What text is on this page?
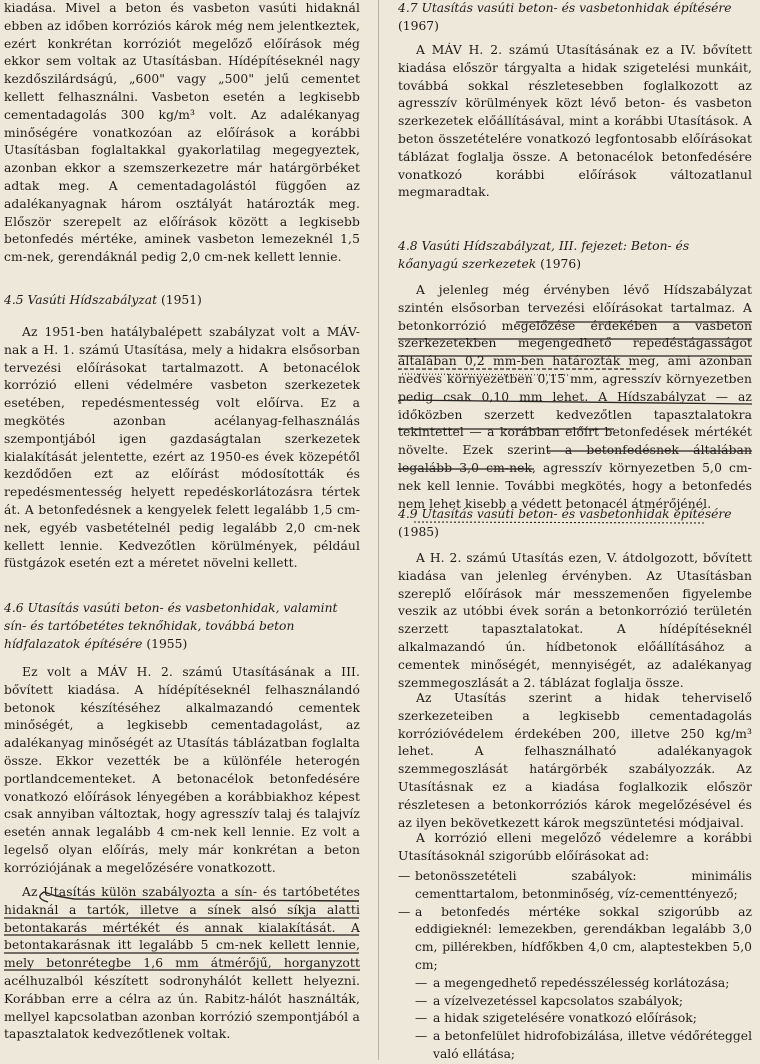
kiadása. Mivel a beton és vasbeton vasúti hidaknál ebben az időben korróziós károk még nem jelentkeztek, ezért konkrétan korróziót megelőző előírások még ekkor sem voltak az Utasításban. Hídépítéseknél nagy kezdőszilárdságú, „600" vagy „500" jelű cementet kellett felhasználni. Vasbeton esetén a legkisebb cementadagolás 300 kg/m³ volt. Az adalékanyag minőségére vonatkozóan az előírások a korábbi Utasításban foglaltakkal gyakorlatilag megegyeztek, azonban ekkor a szemszerkezetre már határgörbéket adtak meg. A cementadagolástól függően az adalékanyagnak három osztályát határozták meg. Először szerepelt az előírások között a legkisebb betonfedés mértéke, aminek vasbeton lemezeknél 1,5 cm-nek, gerendáknál pedig 2,0 cm-nek kellett lennie.

4.5 Vasúti Hídszabályzat (1951)

Az 1951-ben hatálybalépett szabályzat volt a MÁV-nak a H. 1. számú Utasítása, mely a hidakra elsősorban tervezési előírásokat tartalmazott. A betonacélok korrózió elleni védelmére vasbeton szerkezetek esetében, repedésmentesség volt előírva. Ez a megkötés azonban acélanyag-felhasználás szempontjából igen gazdaságtalan szerkezetek kialakítását jelentette, ezért az 1950-es évek közepétől kezdődően ezt az előírást módosították és repedésmentesség helyett repedéskorlátozásra tértek át. A betonfedésnek a kengyelek felett legalább 1,5 cm-nek, egyéb vasbetételnél pedig legalább 2,0 cm-nek kellett lennie. Kedvezőtlen körülmények, például füstgázok esetén ezt a méretet növelni kellett.

4.6 Utasítás vasúti beton- és vasbetonhidak, valamint sín- és tartóbetétes teknőhidak, továbbá beton hídfalazatok építésére (1955)

Ez volt a MÁV H. 2. számú Utasításának a III. bővített kiadása. A hídépítéseknél felhasználandó betonok készítéséhez alkalmazandó cementek minőségét, a legkisebb cementadagolást, az adalékanyag minőségét az Utasítás táblázatban foglalta össze. Ekkor vezették be a különféle heterogén portlandcementeket. A betonacélok betonfedésére vonatkozó előírások lényegében a korábbiakhoz képest csak annyiban változtak, hogy agresszív talaj és talajvíz esetén annak legalább 4 cm-nek kell lennie. Ez volt a legelső olyan előírás, mely már konkrétan a beton korróziójának a megelőzésére vonatkozott.

Az Utasítás külön szabályozta a sín- és tartóbetétes hidaknál a tartók, illetve a sínek alsó síkja alatti betontakarás mértékét és annak kialakítását. A betontakarásnak itt legalább 5 cm-nek kellett lennie, mely betonrétegbe 1,6 mm átmérőjű, horganyzott acélhuzalból készített sodronyhálót kellett helyezni. Korábban erre a célra az ún. Rabitz-hálót használták, mellyel kapcsolatban azonban korrózió szempontjából a tapasztalatok kedvezőtlenek voltak.

4.7 Utasítás vasúti beton- és vasbetonhidak építésére (1967)

A MÁV H. 2. számú Utasításának ez a IV. bővített kiadása először tárgyalta a hidak szigetelési munkáit, továbbá sokkal részletesebben foglalkozott az agresszív körülmények közt lévő beton- és vasbeton szerkezetek előállításával, mint a korábbi Utasítások. A beton összetételére vonatkozó legfontosabb előírásokat táblázat foglalja össze. A betonacélok betonfedésére vonatkozó korábbi előírások változatlanul megmaradtak.

4.8 Vasúti Hídszabályzat, III. fejezet: Beton- és kőanyagú szerkezetek (1976)

A jelenleg még érvényben lévő Hídszabályzat szintén elsősorban tervezési előírásokat tartalmaz. A betonkorrózió megelőzése érdekében a vasbeton szerkezetekben megengedhető repedéstágasságot általában 0,2 mm-ben határozták meg, ami azonban nedves környezetben 0,15 mm, agresszív környezetben pedig csak 0,10 mm lehet. A Hídszabályzat — az időközben szerzett kedvezőtlen tapasztalatokra tekintettel — a korábban előírt betonfedések mértékét növelte. Ezek szerint a betonfedésnek általában legalább 3,0 cm-nek, agresszív környezetben 5,0 cm-nek kell lennie. További megkötés, hogy a betonfedés nem lehet kisebb a védett betonacél átmérőjénél.

4.9 Utasítás vasúti beton- és vasbetonhidak építésére (1985)

A H. 2. számú Utasítás ezen, V. átdolgozott, bővített kiadása van jelenleg érvényben. Az Utasításban szereplő előírások már messzemenően figyelembe veszik az utóbbi évek során a betonkorrózió területén szerzett tapasztalatokat. A hídépítéseknél alkalmazandó ún. hídbetonok előállításához a cementek minőségét, mennyiségét, az adalékanyag szemmegoszlását a 2. táblázat foglalja össze.

Az Utasítás szerint a hidak teherviselő szerkezeteiben a legkisebb cementadagolás korrózióvédelem érdekében 200, illetve 250 kg/m³ lehet. A felhasználható adalékanyagok szemmegoszlását határgörbék szabályozzák. Az Utasításnak ez a kiadása foglalkozik először részletesen a betonkorróziós károk megelőzésével és az ilyen bekövetkezett károk megszüntetési módjaival.

A korrózió elleni megelőző védelemre a korábbi Utasításoknál szigorúbb előírásokat ad:

— betonösszetételi szabályok: minimális cementtartalom, betonminőség, víz-cementtényező;
— a betonfedés mértéke sokkal szigorúbb az eddigieknél: lemezekben, gerendákban legalább 3,0 cm, pillérekben, hídfőkben 4,0 cm, alaptestekben 5,0 cm;
— a megengedhető repedésszélesség korlátozása;
— a vízelvezetéssel kapcsolatos szabályok;
— a hidak szigetelésére vonatkozó előírások;
— a betonfelület hidrofobizálása, illetve védőréteggel való ellátása;
